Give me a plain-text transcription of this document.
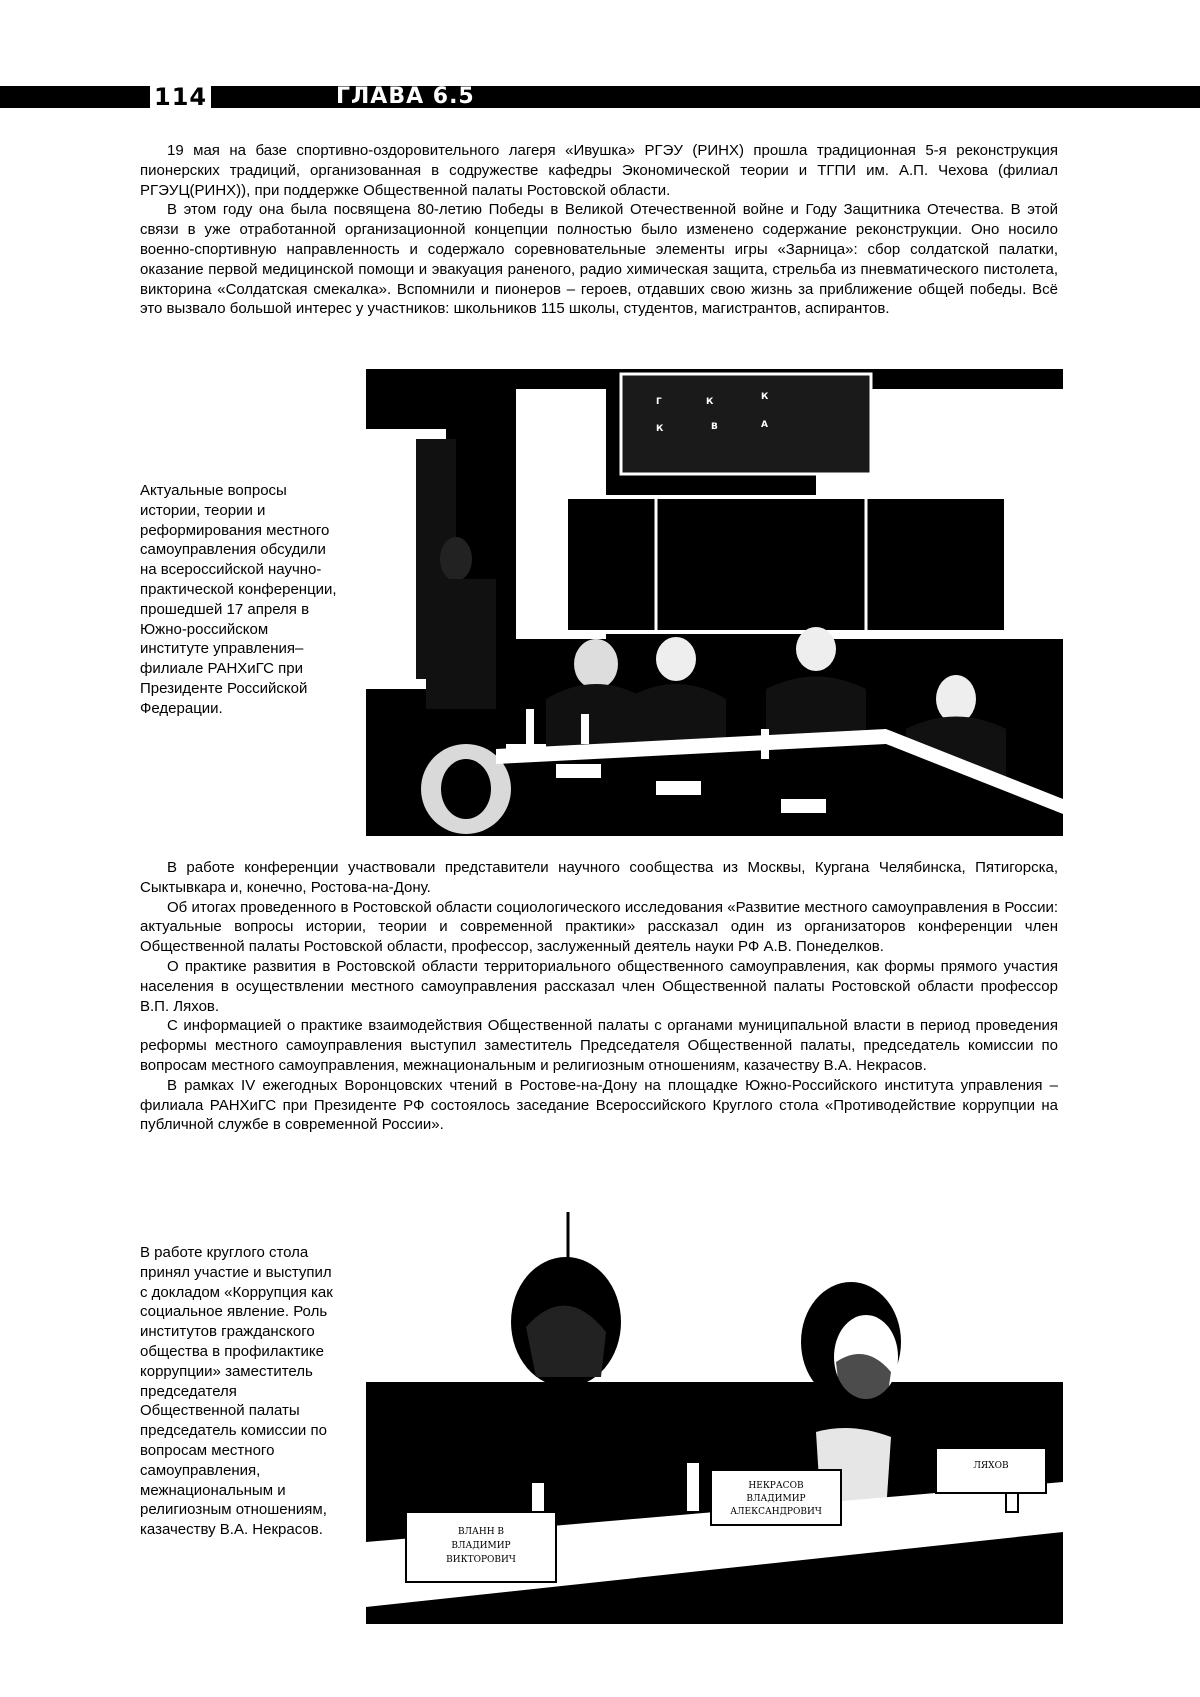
114	ГЛАВА 6.5

19 мая на базе спортивно-оздоровительного лагеря «Ивушка» РГЭУ (РИНХ) прошла традиционная 5-я реконструкция пионерских традиций, организованная в содружестве кафедры Экономической теории и ТГПИ им. А.П. Чехова (филиал РГЭУЦ(РИНХ)), при поддержке Общественной палаты Ростовской области.

В этом году она была посвящена 80-летию Победы в Великой Отечественной войне и Году Защитника Отечества. В этой связи в уже отработанной организационной концепции полностью было изменено содержание реконструкции. Оно носило военно-спортивную направленность и содержало соревновательные элементы игры «Зарница»: сбор солдатской палатки, оказание первой медицинской помощи и эвакуация раненого, радио химическая защита, стрельба из пневматического пистолета, викторина «Солдатская смекалка». Вспомнили и пионеров – героев, отдавших свою жизнь за приближение общей победы. Всё это вызвало большой интерес у участников: школьников 115 школы, студентов, магистрантов, аспирантов.

Актуальные вопросы истории, теории и реформирования местного самоуправления обсудили на всероссийской научно-практической конференции, прошедшей 17 апреля в Южно-российском институте управления–филиале РАНХиГС при Президенте Российской Федерации.
Г	К	К
К	В	А

В работе конференции участвовали представители научного сообщества из Москвы, Кургана Челябинска, Пятигорска, Сыктывкара и, конечно, Ростова-на-Дону.

Об итогах проведенного в Ростовской области социологического исследования «Развитие местного самоуправления в России: актуальные вопросы истории, теории и современной практики» рассказал один из организаторов конференции член Общественной палаты Ростовской области, профессор, заслуженный деятель науки РФ А.В. Понеделков.

О практике развития в Ростовской области территориального общественного самоуправления, как формы прямого участия населения в осуществлении местного самоуправления рассказал член Общественной палаты Ростовской области профессор В.П. Ляхов.

С информацией о практике взаимодействия Общественной палаты с органами муниципальной власти в период проведения реформы местного самоуправления выступил заместитель Председателя Общественной палаты, председатель комиссии по вопросам местного самоуправления, межнациональным и религиозным отношениям, казачеству В.А. Некрасов.

В рамках IV ежегодных Воронцовских чтений в Ростове-на-Дону на площадке Южно-Российского института управления – филиала РАНХиГС при Президенте РФ состоялось заседание Всероссийского Круглого стола «Противодействие коррупции на публичной службе в современной России».

В работе круглого стола принял участие и выступил с докладом «Коррупция как социальное явление. Роль институтов гражданского общества в профилактике коррупции» заместитель председателя Общественной палаты председатель комиссии по вопросам местного самоуправления, межнациональным и религиозным отношениям, казачеству В.А. Некрасов.	ВЛАНН В
ВЛАДИМИР
ВИКТОРОВИЧ
НЕКРАСОВ
ВЛАДИМИР
АЛЕКСАНДРОВИЧ
ЛЯХОВ
